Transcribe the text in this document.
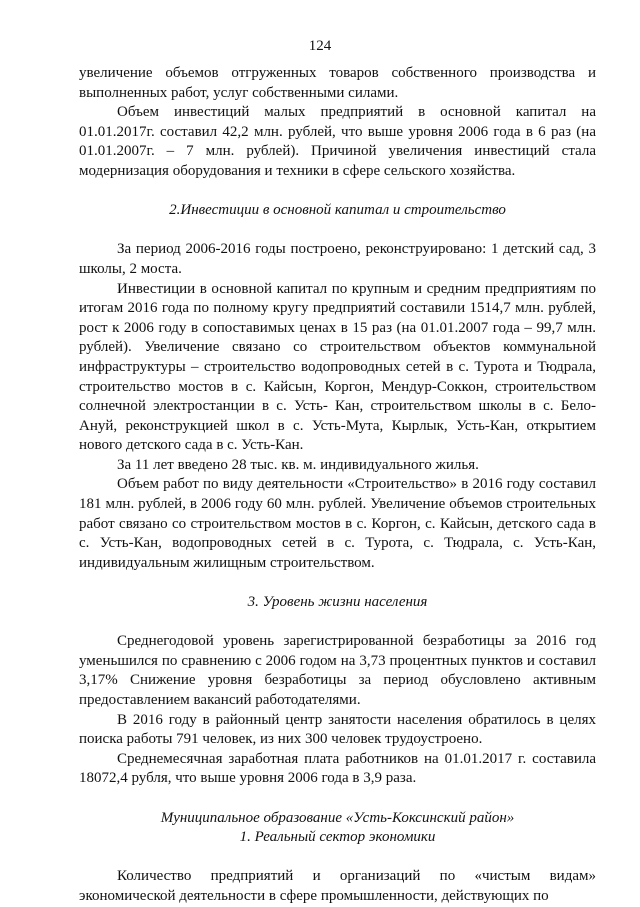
124

увеличение объемов отгруженных товаров собственного производства и выполненных работ, услуг собственными силами.

Объем инвестиций малых предприятий в основной капитал на 01.01.2017г. составил 42,2 млн. рублей, что выше уровня 2006 года в 6 раз (на 01.01.2007г. – 7 млн. рублей). Причиной увеличения инвестиций стала модернизация оборудования и техники в сфере сельского хозяйства.

2.Инвестиции в основной капитал и строительство

За период 2006-2016 годы построено, реконструировано: 1 детский сад, 3 школы, 2 моста.

Инвестиции в основной капитал по крупным и средним предприятиям по итогам 2016 года по полному кругу предприятий составили 1514,7 млн. рублей, рост к 2006 году в сопоставимых ценах в 15 раз (на 01.01.2007 года – 99,7 млн. рублей). Увеличение связано со строительством объектов коммунальной инфраструктуры – строительство водопроводных сетей в с. Турота и Тюдрала, строительство мостов в с. Кайсын, Коргон, Мендур-Соккон, строительством солнечной электростанции в с. Усть- Кан, строительством школы в с. Бело-Ануй, реконструкцией школ в с. Усть-Мута, Кырлык, Усть-Кан, открытием нового детского сада в с. Усть-Кан.

За 11 лет введено 28 тыс. кв. м. индивидуального жилья.

Объем работ по виду деятельности «Строительство» в 2016 году составил 181 млн. рублей, в 2006 году 60 млн. рублей. Увеличение объемов строительных работ связано со строительством мостов в с. Коргон, с. Кайсын, детского сада в с. Усть-Кан, водопроводных сетей в с. Турота, с. Тюдрала, с. Усть-Кан, индивидуальным жилищным строительством.

3. Уровень жизни населения

Среднегодовой уровень зарегистрированной безработицы за 2016 год уменьшился по сравнению с 2006 годом на 3,73 процентных пунктов и составил 3,17% Снижение уровня безработицы за период обусловлено активным предоставлением вакансий работодателями.

В 2016 году в районный центр занятости населения обратилось в целях поиска работы 791 человек, из них 300 человек трудоустроено.

Среднемесячная заработная плата работников на 01.01.2017 г. составила 18072,4 рубля, что выше уровня 2006 года в 3,9 раза.

Муниципальное образование «Усть-Коксинский район»

1. Реальный сектор экономики

Количество предприятий и организаций по «чистым видам» экономической деятельности в сфере промышленности, действующих по
